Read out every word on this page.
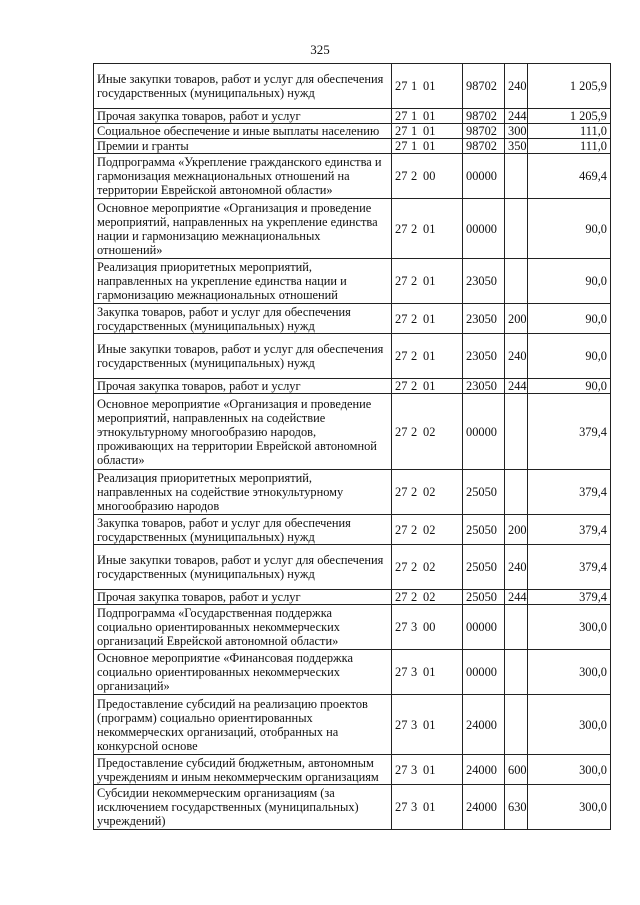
325
Иные закупки товаров, работ и услуг для обеспечения государственных (муниципальных) нужд	27 1 01	98702	240	1 205,9
Прочая закупка товаров, работ и услуг	27 1 01	98702	244	1 205,9
Социальное обеспечение и иные выплаты населению	27 1 01	98702	300	111,0
Премии и гранты	27 1 01	98702	350	111,0
Подпрограмма «Укрепление гражданского единства и гармонизация межнациональных отношений на территории Еврейской автономной области»	27 2 00	00000		469,4
Основное мероприятие «Организация и проведение мероприятий, направленных на укрепление единства нации и гармонизацию межнациональных отношений»	27 2 01	00000		90,0
Реализация приоритетных мероприятий, направленных на укрепление единства нации и гармонизацию межнациональных отношений	27 2 01	23050		90,0
Закупка товаров, работ и услуг для обеспечения государственных (муниципальных) нужд	27 2 01	23050	200	90,0
Иные закупки товаров, работ и услуг для обеспечения государственных (муниципальных) нужд	27 2 01	23050	240	90,0
Прочая закупка товаров, работ и услуг	27 2 01	23050	244	90,0
Основное мероприятие «Организация и проведение мероприятий, направленных на содействие этнокультурному многообразию народов, проживающих на территории Еврейской автономной области»	27 2 02	00000		379,4
Реализация приоритетных мероприятий, направленных на содействие этнокультурному многообразию народов	27 2 02	25050		379,4
Закупка товаров, работ и услуг для обеспечения государственных (муниципальных) нужд	27 2 02	25050	200	379,4
Иные закупки товаров, работ и услуг для обеспечения государственных (муниципальных) нужд	27 2 02	25050	240	379,4
Прочая закупка товаров, работ и услуг	27 2 02	25050	244	379,4
Подпрограмма «Государственная поддержка социально ориентированных некоммерческих организаций Еврейской автономной области»	27 3 00	00000		300,0
Основное мероприятие «Финансовая поддержка социально ориентированных некоммерческих организаций»	27 3 01	00000		300,0
Предоставление субсидий на реализацию проектов (программ) социально ориентированных некоммерческих организаций, отобранных на конкурсной основе	27 3 01	24000		300,0
Предоставление субсидий бюджетным, автономным учреждениям и иным некоммерческим организациям	27 3 01	24000	600	300,0
Субсидии некоммерческим организациям (за исключением государственных (муниципальных) учреждений)	27 3 01	24000	630	300,0
